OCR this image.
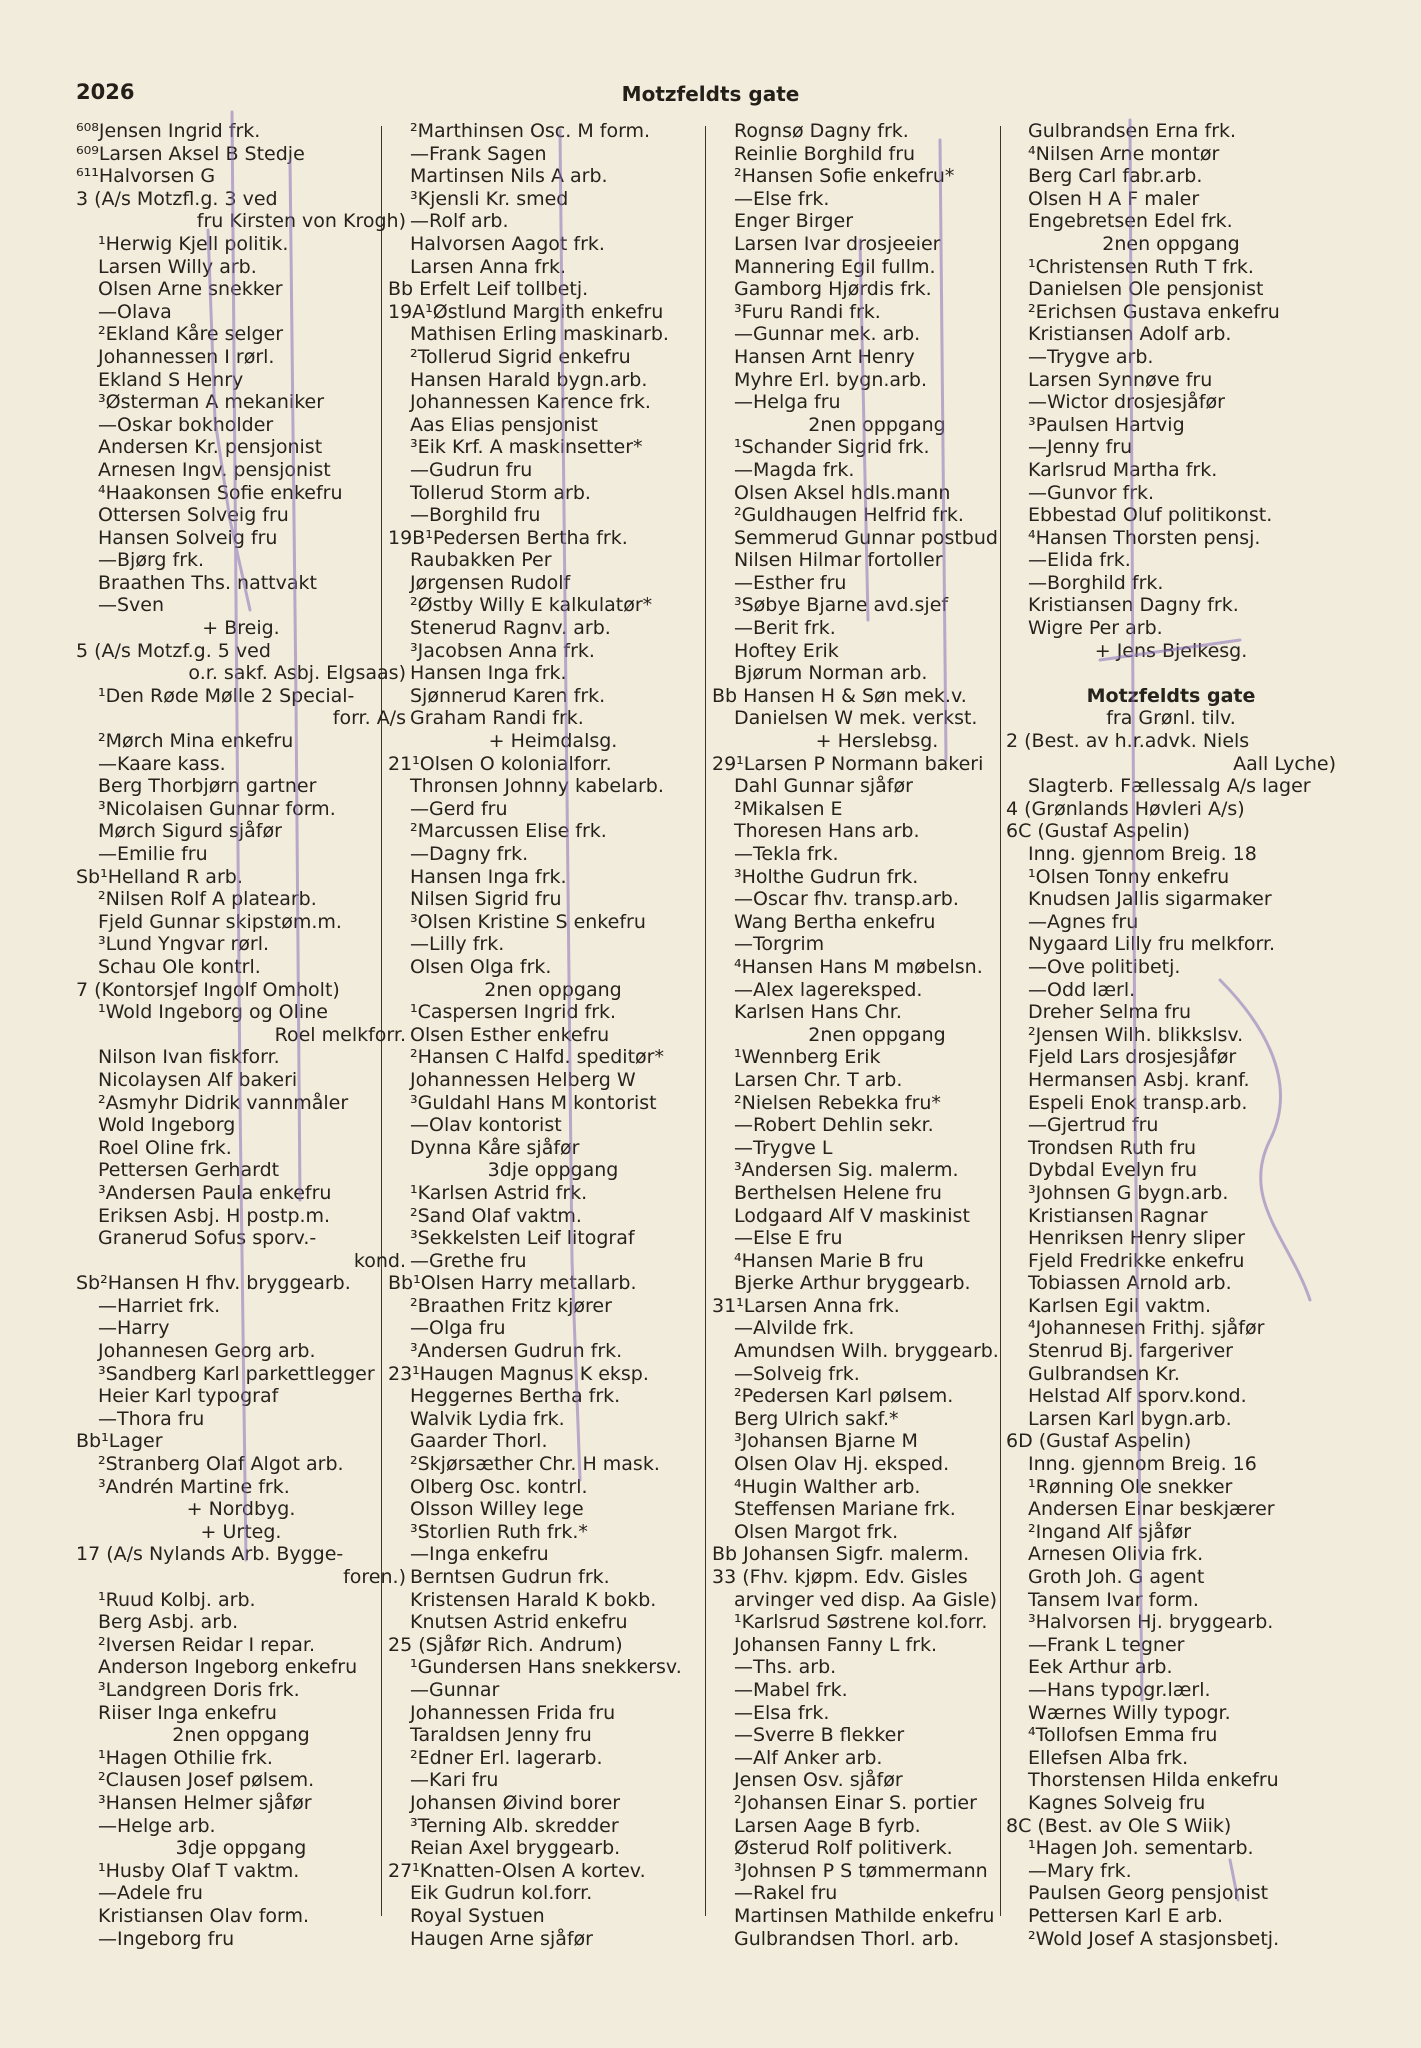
2026	Motzfeldts gate
⁶⁰⁸Jensen Ingrid frk.
⁶⁰⁹Larsen Aksel B Stedje
⁶¹¹Halvorsen G
3 (A/s Motzfl.g. 3 ved
fru Kirsten von Krogh)
¹Herwig Kjell politik.
Larsen Willy arb.
Olsen Arne snekker
—Olava
²Ekland Kåre selger
Johannessen I rørl.
Ekland S Henry
³Østerman A mekaniker
—Oskar bokholder
Andersen Kr. pensjonist
Arnesen Ingv. pensjonist
⁴Haakonsen Sofie enkefru
Ottersen Solveig fru
Hansen Solveig fru
—Bjørg frk.
Braathen Ths. nattvakt
—Sven
+ Breig.
5 (A/s Motzf.g. 5 ved
o.r. sakf. Asbj. Elgsaas)
¹Den Røde Mølle 2 Special-
forr. A/s
²Mørch Mina enkefru
—Kaare kass.
Berg Thorbjørn gartner
³Nicolaisen Gunnar form.
Mørch Sigurd sjåfør
—Emilie fru
Sb¹Helland R arb.
²Nilsen Rolf A platearb.
Fjeld Gunnar skipstøm.m.
³Lund Yngvar rørl.
Schau Ole kontrl.
7 (Kontorsjef Ingolf Omholt)
¹Wold Ingeborg og Oline
Roel melkforr.
Nilson Ivan fiskforr.
Nicolaysen Alf bakeri
²Asmyhr Didrik vannmåler
Wold Ingeborg
Roel Oline frk.
Pettersen Gerhardt
³Andersen Paula enkefru
Eriksen Asbj. H postp.m.
Granerud Sofus sporv.-
kond.
Sb²Hansen H fhv. bryggearb.
—Harriet frk.
—Harry
Johannesen Georg arb.
³Sandberg Karl parkettlegger
Heier Karl typograf
—Thora fru
Bb¹Lager
²Stranberg Olaf Algot arb.
³Andrén Martine frk.
+ Nordbyg.
+ Urteg.
17 (A/s Nylands Arb. Bygge-
foren.)
¹Ruud Kolbj. arb.
Berg Asbj. arb.
²Iversen Reidar I repar.
Anderson Ingeborg enkefru
³Landgreen Doris frk.
Riiser Inga enkefru
2nen oppgang
¹Hagen Othilie frk.
²Clausen Josef pølsem.
³Hansen Helmer sjåfør
—Helge arb.
3dje oppgang
¹Husby Olaf T vaktm.
—Adele fru
Kristiansen Olav form.
—Ingeborg fru
²Marthinsen Osc. M form.
—Frank Sagen
Martinsen Nils A arb.
³Kjensli Kr. smed
—Rolf arb.
Halvorsen Aagot frk.
Larsen Anna frk.
Bb Erfelt Leif tollbetj.
19A¹Østlund Margith enkefru
Mathisen Erling maskinarb.
²Tollerud Sigrid enkefru
Hansen Harald bygn.arb.
Johannessen Karence frk.
Aas Elias pensjonist
³Eik Krf. A maskinsetter*
—Gudrun fru
Tollerud Storm arb.
—Borghild fru
19B¹Pedersen Bertha frk.
Raubakken Per
Jørgensen Rudolf
²Østby Willy E kalkulatør*
Stenerud Ragnv. arb.
³Jacobsen Anna frk.
Hansen Inga frk.
Sjønnerud Karen frk.
Graham Randi frk.
+ Heimdalsg.
21¹Olsen O kolonialforr.
Thronsen Johnny kabelarb.
—Gerd fru
²Marcussen Elise frk.
—Dagny frk.
Hansen Inga frk.
Nilsen Sigrid fru
³Olsen Kristine S enkefru
—Lilly frk.
Olsen Olga frk.
2nen oppgang
¹Caspersen Ingrid frk.
Olsen Esther enkefru
²Hansen C Halfd. speditør*
Johannessen Helberg W
³Guldahl Hans M kontorist
—Olav kontorist
Dynna Kåre sjåfør
3dje oppgang
¹Karlsen Astrid frk.
²Sand Olaf vaktm.
³Sekkelsten Leif litograf
—Grethe fru
Bb¹Olsen Harry metallarb.
²Braathen Fritz kjører
—Olga fru
³Andersen Gudrun frk.
23¹Haugen Magnus K eksp.
Heggernes Bertha frk.
Walvik Lydia frk.
Gaarder Thorl.
²Skjørsæther Chr. H mask.
Olberg Osc. kontrl.
Olsson Willey lege
³Storlien Ruth frk.*
—Inga enkefru
Berntsen Gudrun frk.
Kristensen Harald K bokb.
Knutsen Astrid enkefru
25 (Sjåfør Rich. Andrum)
¹Gundersen Hans snekkersv.
—Gunnar
Johannessen Frida fru
Taraldsen Jenny fru
²Edner Erl. lagerarb.
—Kari fru
Johansen Øivind borer
³Terning Alb. skredder
Reian Axel bryggearb.
27¹Knatten-Olsen A kortev.
Eik Gudrun kol.forr.
Royal Systuen
Haugen Arne sjåfør
Rognsø Dagny frk.
Reinlie Borghild fru
²Hansen Sofie enkefru*
—Else frk.
Enger Birger
Larsen Ivar drosjeeier
Mannering Egil fullm.
Gamborg Hjørdis frk.
³Furu Randi frk.
—Gunnar mek. arb.
Hansen Arnt Henry
Myhre Erl. bygn.arb.
—Helga fru
2nen oppgang
¹Schander Sigrid frk.
—Magda frk.
Olsen Aksel hdls.mann
²Guldhaugen Helfrid frk.
Semmerud Gunnar postbud
Nilsen Hilmar fortoller
—Esther fru
³Søbye Bjarne avd.sjef
—Berit frk.
Hoftey Erik
Bjørum Norman arb.
Bb Hansen H & Søn mek.v.
Danielsen W mek. verkst.
+ Herslebsg.
29¹Larsen P Normann bakeri
Dahl Gunnar sjåfør
²Mikalsen E
Thoresen Hans arb.
—Tekla frk.
³Holthe Gudrun frk.
—Oscar fhv. transp.arb.
Wang Bertha enkefru
—Torgrim
⁴Hansen Hans M møbelsn.
—Alex lagereksped.
Karlsen Hans Chr.
2nen oppgang
¹Wennberg Erik
Larsen Chr. T arb.
²Nielsen Rebekka fru*
—Robert Dehlin sekr.
—Trygve L
³Andersen Sig. malerm.
Berthelsen Helene fru
Lodgaard Alf V maskinist
—Else E fru
⁴Hansen Marie B fru
Bjerke Arthur bryggearb.
31¹Larsen Anna frk.
—Alvilde frk.
Amundsen Wilh. bryggearb.
—Solveig frk.
²Pedersen Karl pølsem.
Berg Ulrich sakf.*
³Johansen Bjarne M
Olsen Olav Hj. eksped.
⁴Hugin Walther arb.
Steffensen Mariane frk.
Olsen Margot frk.
Bb Johansen Sigfr. malerm.
33 (Fhv. kjøpm. Edv. Gisles
arvinger ved disp. Aa Gisle)
¹Karlsrud Søstrene kol.forr.
Johansen Fanny L frk.
—Ths. arb.
—Mabel frk.
—Elsa frk.
—Sverre B flekker
—Alf Anker arb.
Jensen Osv. sjåfør
²Johansen Einar S. portier
Larsen Aage B fyrb.
Østerud Rolf politiverk.
³Johnsen P S tømmermann
—Rakel fru
Martinsen Mathilde enkefru
Gulbrandsen Thorl. arb.
Gulbrandsen Erna frk.
⁴Nilsen Arne montør
Berg Carl fabr.arb.
Olsen H A F maler
Engebretsen Edel frk.
2nen oppgang
¹Christensen Ruth T frk.
Danielsen Ole pensjonist
²Erichsen Gustava enkefru
Kristiansen Adolf arb.
—Trygve arb.
Larsen Synnøve fru
—Wictor drosjesjåfør
³Paulsen Hartvig
—Jenny fru
Karlsrud Martha frk.
—Gunvor frk.
Ebbestad Oluf politikonst.
⁴Hansen Thorsten pensj.
—Elida frk.
—Borghild frk.
Kristiansen Dagny frk.
Wigre Per arb.
+ Jens Bjelkesg.
Motzfeldts gate
fra Grønl. tilv.
2 (Best. av h.r.advk. Niels
Aall Lyche)
Slagterb. Fællessalg A/s lager
4 (Grønlands Høvleri A/s)
6C (Gustaf Aspelin)
Inng. gjennom Breig. 18
¹Olsen Tonny enkefru
Knudsen Jallis sigarmaker
—Agnes fru
Nygaard Lilly fru melkforr.
—Ove politibetj.
—Odd lærl.
Dreher Selma fru
²Jensen Wilh. blikkslsv.
Fjeld Lars drosjesjåfør
Hermansen Asbj. kranf.
Espeli Enok transp.arb.
—Gjertrud fru
Trondsen Ruth fru
Dybdal Evelyn fru
³Johnsen G bygn.arb.
Kristiansen Ragnar
Henriksen Henry sliper
Fjeld Fredrikke enkefru
Tobiassen Arnold arb.
Karlsen Egil vaktm.
⁴Johannesen Frithj. sjåfør
Stenrud Bj. fargeriver
Gulbrandsen Kr.
Helstad Alf sporv.kond.
Larsen Karl bygn.arb.
6D (Gustaf Aspelin)
Inng. gjennom Breig. 16
¹Rønning Ole snekker
Andersen Einar beskjærer
²Ingand Alf sjåfør
Arnesen Olivia frk.
Groth Joh. G agent
Tansem Ivar form.
³Halvorsen Hj. bryggearb.
—Frank L tegner
Eek Arthur arb.
—Hans typogr.lærl.
Wærnes Willy typogr.
⁴Tollofsen Emma fru
Ellefsen Alba frk.
Thorstensen Hilda enkefru
Kagnes Solveig fru
8C (Best. av Ole S Wiik)
¹Hagen Joh. sementarb.
—Mary frk.
Paulsen Georg pensjonist
Pettersen Karl E arb.
²Wold Josef A stasjonsbetj.
